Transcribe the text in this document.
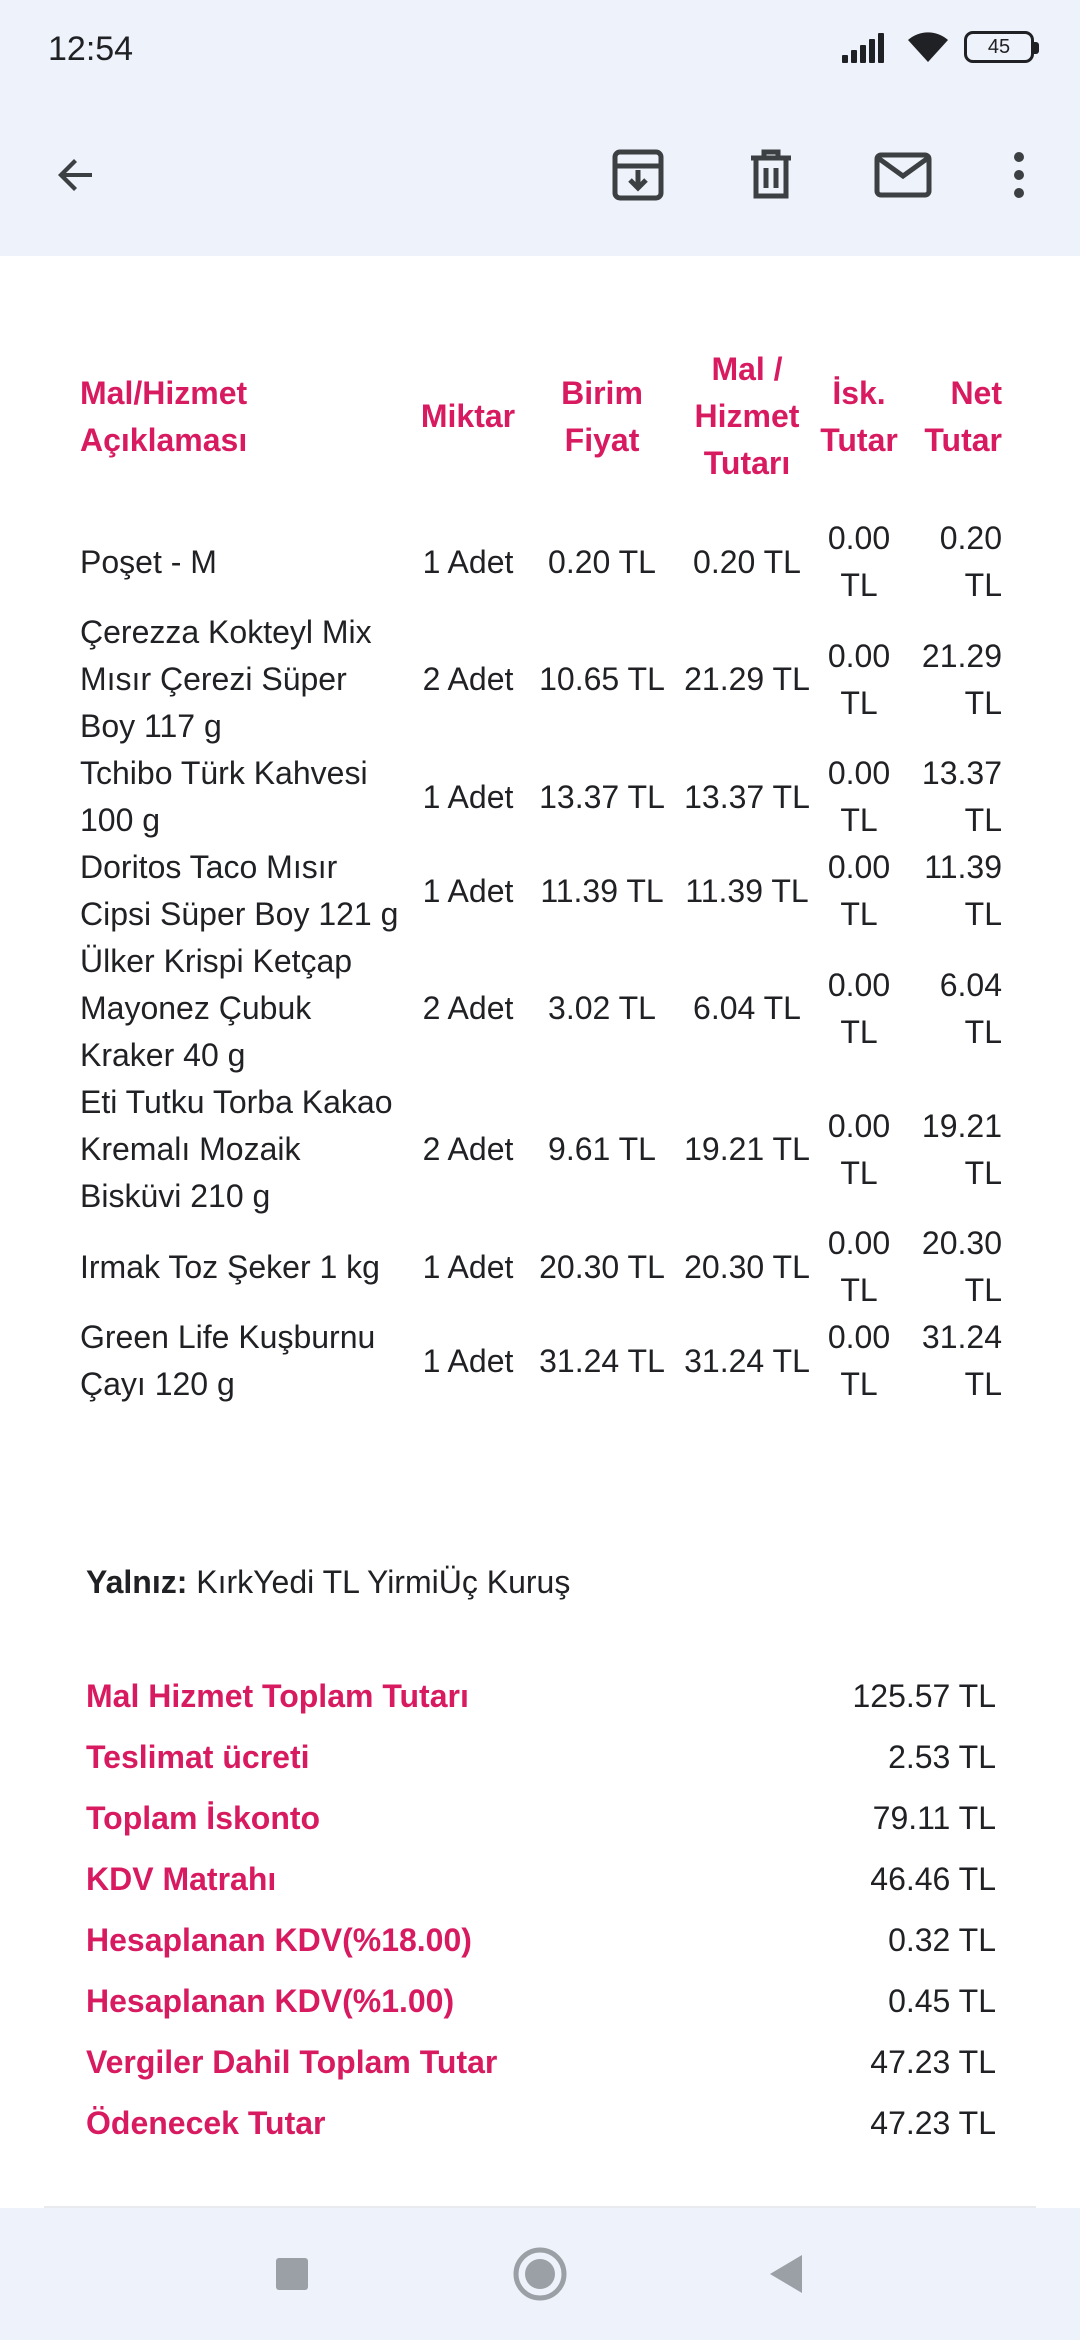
12:54	45
Mal/Hizmet Açıklaması	Miktar	Birim Fiyat	Mal / Hizmet Tutarı	İsk. Tutar	Net Tutar
Poşet - M	1 Adet	0.20 TL	0.20 TL	0.00 TL	0.20 TL
Çerezza Kokteyl Mix Mısır Çerezi Süper Boy 117 g	2 Adet	10.65 TL	21.29 TL	0.00 TL	21.29 TL
Tchibo Türk Kahvesi 100 g	1 Adet	13.37 TL	13.37 TL	0.00 TL	13.37 TL
Doritos Taco Mısır Cipsi Süper Boy 121 g	1 Adet	11.39 TL	11.39 TL	0.00 TL	11.39 TL
Ülker Krispi Ketçap Mayonez Çubuk Kraker 40 g	2 Adet	3.02 TL	6.04 TL	0.00 TL	6.04 TL
Eti Tutku Torba Kakao Kremalı Mozaik Bisküvi 210 g	2 Adet	9.61 TL	19.21 TL	0.00 TL	19.21 TL
Irmak Toz Şeker 1 kg	1 Adet	20.30 TL	20.30 TL	0.00 TL	20.30 TL
Green Life Kuşburnu Çayı 120 g	1 Adet	31.24 TL	31.24 TL	0.00 TL	31.24 TL
Yalnız: KırkYedi TL YirmiÜç Kuruş
Mal Hizmet Toplam Tutarı	125.57 TL
Teslimat ücreti	2.53 TL
Toplam İskonto	79.11 TL
KDV Matrahı	46.46 TL
Hesaplanan KDV(%18.00)	0.32 TL
Hesaplanan KDV(%1.00)	0.45 TL
Vergiler Dahil Toplam Tutar	47.23 TL
Ödenecek Tutar	47.23 TL
